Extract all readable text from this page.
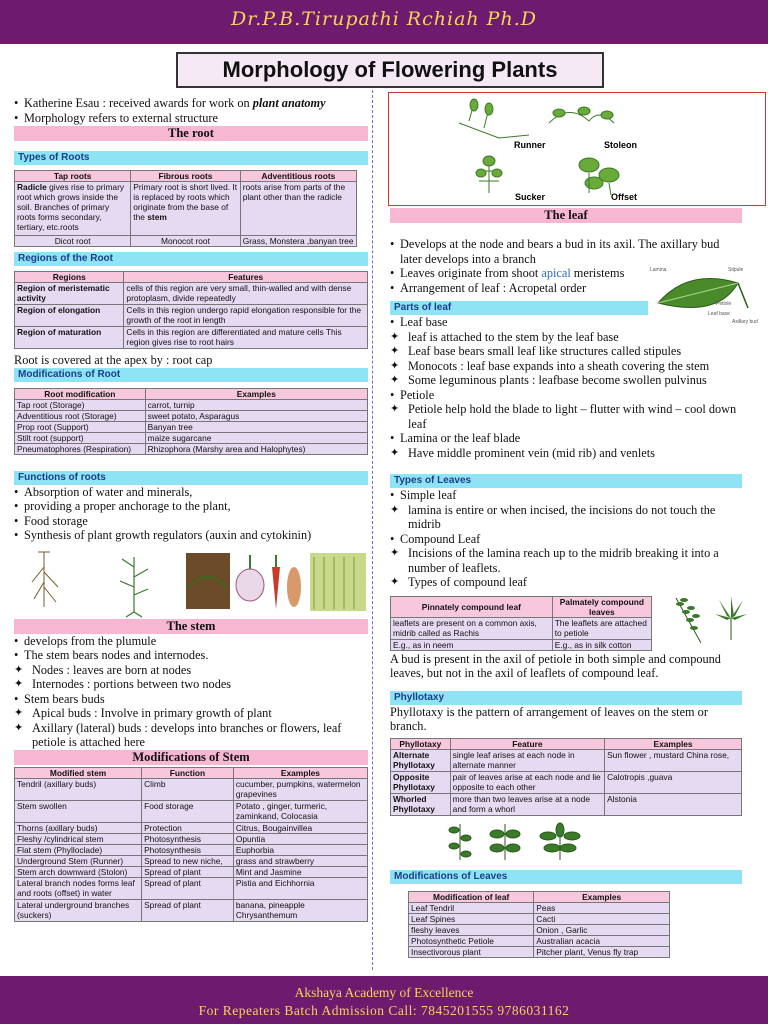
Dr.P.B.Tirupathi Rchiah Ph.D
Morphology of Flowering Plants
• Katherine Esau : received awards for work on plant anatomy
• Morphology refers to external structure
The root
Types of Roots
Tap roots	Fibrous roots	Adventitious roots
Radicle gives rise to primary root which grows inside the soil. Branches of primary roots forms secondary, tertiary, etc.roots	Primary root is short lived. It is replaced by roots which originate from the base of the stem	roots arise from parts of the plant other than the radicle
Dicot root	Monocot root	Grass, Monstera ,banyan tree
Regions of the Root
Regions	Features
Region of meristematic activity	cells of this region are very small, thin-walled and with dense protoplasm, divide repeatedly
Region of elongation	Cells in this region undergo rapid elongation responsible for the growth of the root in length
Region of maturation	Cells in this region are differentiated and mature cells This region gives rise to root hairs
Root is covered at the apex by : root cap
Modifications of Root
Root modification	Examples
Tap root (Storage)	carrot, turnip
Adventitious root (Storage)	sweet potato, Asparagus
Prop root (Support)	Banyan tree
Stilt root (support)	maize sugarcane
Pneumatophores (Respiration)	Rhizophora (Marshy area and Halophytes)
Functions of roots
• Absorption of water and minerals,
• providing a proper anchorage to the plant,
• Food storage
• Synthesis of plant growth regulators (auxin and cytokinin)
The stem
• develops from the plumule
• The stem bears nodes and internodes.
✦ Nodes : leaves are born at nodes
✦ Internodes : portions between two nodes
• Stem bears buds
✦ Apical buds : Involve in primary growth of plant
✦ Axillary (lateral) buds : develops into branches or flowers, leaf petiole is attached here
Modifications of Stem
Modified stem	Function	Examples
Tendril (axillary buds)	Climb	cucumber, pumpkins, watermelon grapevines
Stem swollen	Food storage	Potato , ginger, turmeric, zaminkand, Colocasia
Thorns (axillary buds)	Protection	Citrus, Bougainvillea
Fleshy /cylindrical stem	Photosynthesis	Opuntia
Flat stem (Phylloclade)	Photosynthesis	Euphorbia
Underground Stem (Runner)	Spread to new niche,	grass and strawberry
Stem arch downward (Stolon)	Spread of plant	Mint and Jasmine
Lateral branch nodes forms leaf and roots (offset) in water	Spread of plant	Pistia and Eichhornia
Lateral underground branches (suckers)	Spread of plant	banana, pineapple Chrysanthemum
Runner	Stoleon
Sucker	Offset
The leaf
• Develops at the node and bears a bud in its axil. The axillary bud later develops into a branch
• Leaves originate from shoot apical meristems
• Arrangement of leaf : Acropetal order
Lamina	Stipule
Petiole
Leaf base
Axillary bud
Parts of leaf
• Leaf base
✦ leaf is attached to the stem by the leaf base
✦ Leaf base bears small leaf like structures called stipules
✦ Monocots : leaf base expands into a sheath covering the stem
✦ Some leguminous plants : leafbase become swollen pulvinus
• Petiole
✦ Petiole help hold the blade to light – flutter with wind – cool down leaf
• Lamina or the leaf blade
✦ Have middle prominent vein (mid rib) and venlets
Types of Leaves
• Simple leaf
✦ lamina is entire or when incised, the incisions do not touch the midrib
• Compound Leaf
✦ Incisions of the lamina reach up to the midrib breaking it into a number of leaflets.
✦ Types of compound leaf
Pinnately compound leaf	Palmately compound leaves
leaflets are present on a common axis, midrib called as Rachis	The leaflets are attached to petiole
E.g., as in neem	E.g., as in silk cotton
A bud is present in the axil of petiole in both simple and compound leaves, but not in the axil of leaflets of compound leaf.
Phyllotaxy
Phyllotaxy is the pattern of arrangement of leaves on the stem or branch.
Phyllotaxy	Feature	Examples
Alternate Phyllotaxy	single leaf arises at each node in alternate manner	Sun flower , mustard China rose,
Opposite Phyllotaxy	pair of leaves arise at each node and lie opposite to each other	Calotropis ,guava
Whorled Phyllotaxy	more than two leaves arise at a node and form a whorl	Alstonia
Modifications of Leaves
Modification of leaf	Examples
Leaf Tendril	Peas
Leaf Spines	Cacti
fleshy leaves	Onion , Garlic
Photosynthetic Petiole	Australian acacia
Insectivorous plant	Pitcher plant, Venus fly trap
Akshaya Academy of Excellence
For Repeaters Batch Admission Call: 7845201555 9786031162
